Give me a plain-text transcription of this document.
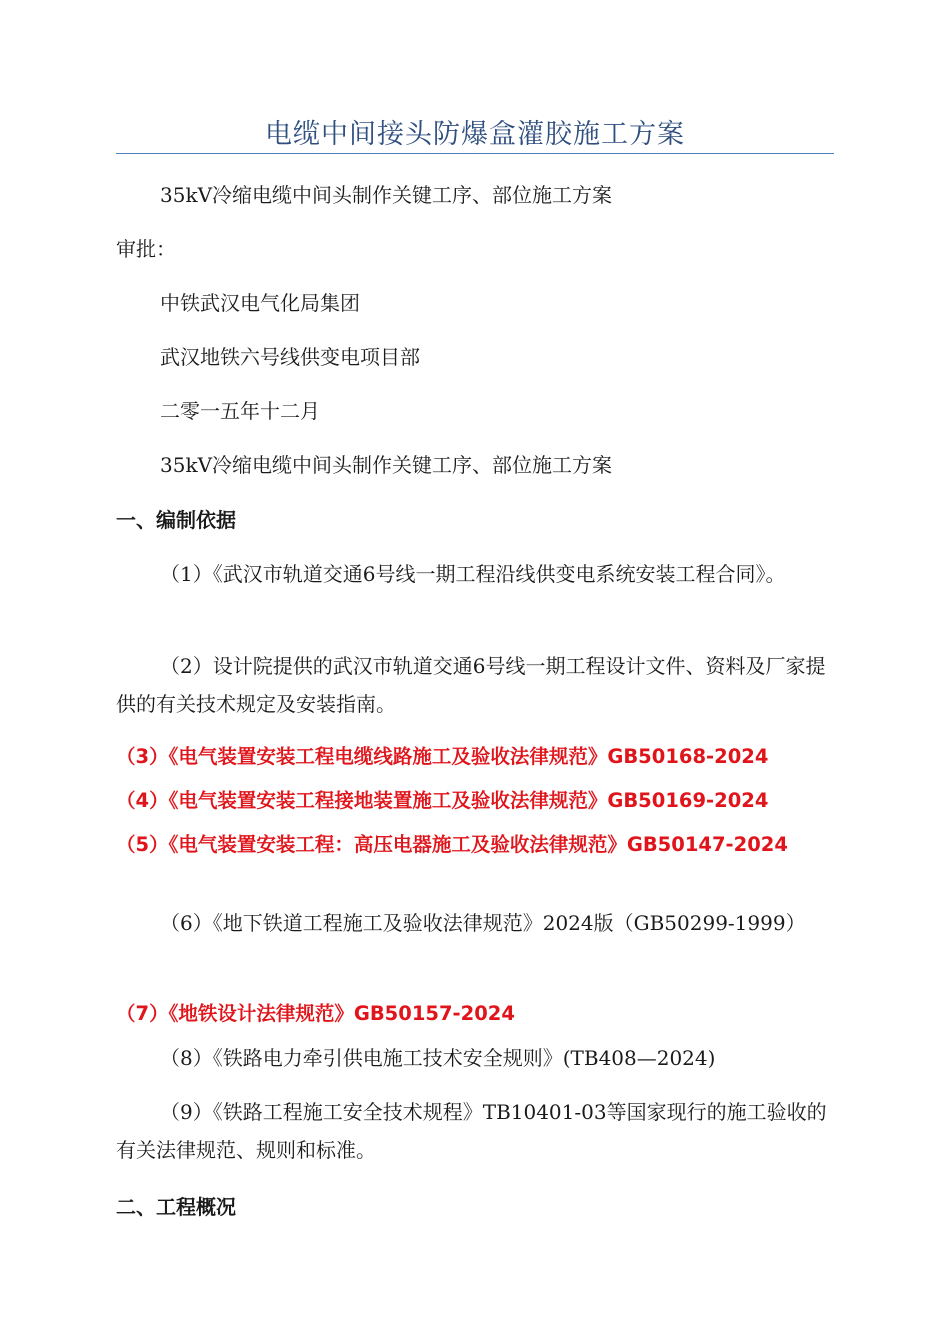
电缆中间接头防爆盒灌胶施工方案
35kV冷缩电缆中间头制作关键工序、部位施工方案
审批：
中铁武汉电气化局集团
武汉地铁六号线供变电项目部
二零一五年十二月
35kV冷缩电缆中间头制作关键工序、部位施工方案
一、编制依据
（1）《武汉市轨道交通6号线一期工程沿线供变电系统安装工程合同》。
（2）设计院提供的武汉市轨道交通6号线一期工程设计文件、资料及厂家提供的有关技术规定及安装指南。
（3）《电气装置安装工程电缆线路施工及验收法律规范》GB50168-2024
（4）《电气装置安装工程接地装置施工及验收法律规范》GB50169-2024
（5）《电气装置安装工程：高压电器施工及验收法律规范》GB50147-2024
（6）《地下铁道工程施工及验收法律规范》2024版（GB50299-1999）
（7）《地铁设计法律规范》GB50157-2024
（8）《铁路电力牵引供电施工技术安全规则》(TB408—2024)
（9）《铁路工程施工安全技术规程》TB10401-03等国家现行的施工验收的有关法律规范、规则和标准。
二、工程概况
